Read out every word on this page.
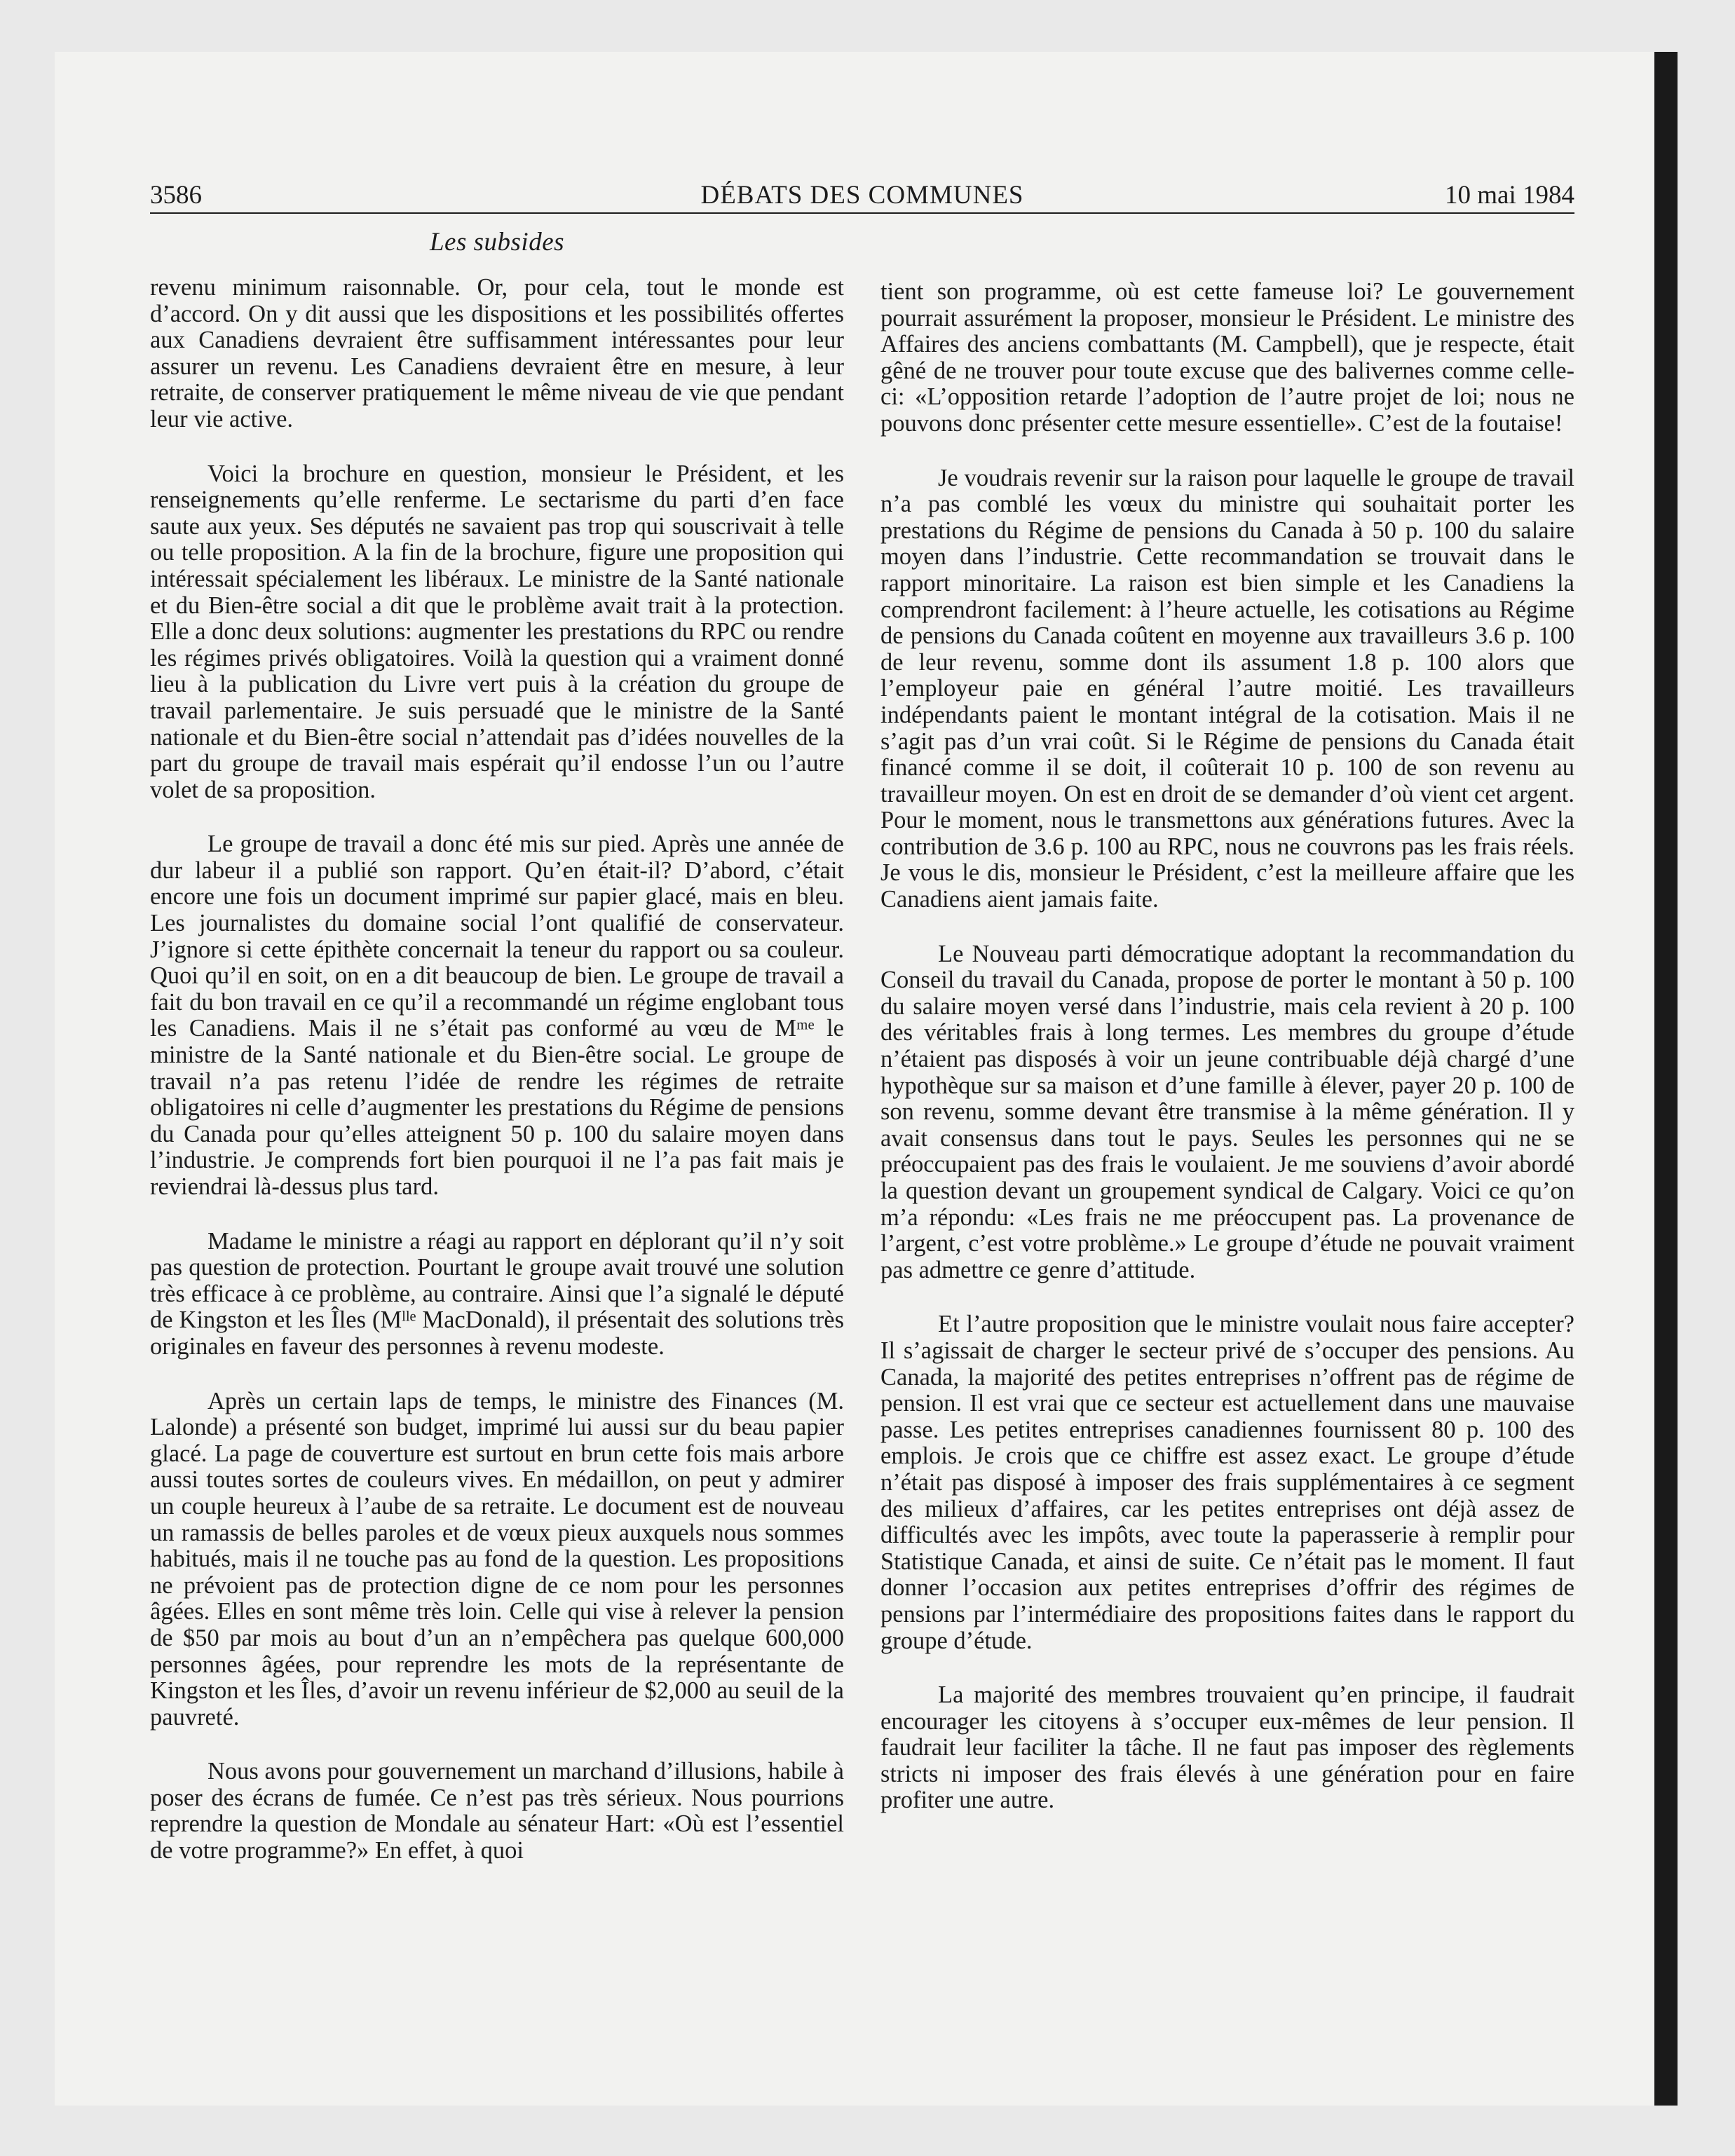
3586	DÉBATS DES COMMUNES	10 mai 1984
Les subsides

revenu minimum raisonnable. Or, pour cela, tout le monde est d’accord. On y dit aussi que les dispositions et les possibilités offertes aux Canadiens devraient être suffisamment intéressantes pour leur assurer un revenu. Les Canadiens devraient être en mesure, à leur retraite, de conserver pratiquement le même niveau de vie que pendant leur vie active.

Voici la brochure en question, monsieur le Président, et les renseignements qu’elle renferme. Le sectarisme du parti d’en face saute aux yeux. Ses députés ne savaient pas trop qui souscrivait à telle ou telle proposition. A la fin de la brochure, figure une proposition qui intéressait spécialement les libéraux. Le ministre de la Santé nationale et du Bien-être social a dit que le problème avait trait à la protection. Elle a donc deux solutions: augmenter les prestations du RPC ou rendre les régimes privés obligatoires. Voilà la question qui a vraiment donné lieu à la publication du Livre vert puis à la création du groupe de travail parlementaire. Je suis persuadé que le ministre de la Santé nationale et du Bien-être social n’attendait pas d’idées nouvelles de la part du groupe de travail mais espérait qu’il endosse l’un ou l’autre volet de sa proposition.

Le groupe de travail a donc été mis sur pied. Après une année de dur labeur il a publié son rapport. Qu’en était-il? D’abord, c’était encore une fois un document imprimé sur papier glacé, mais en bleu. Les journalistes du domaine social l’ont qualifié de conservateur. J’ignore si cette épithète concernait la teneur du rapport ou sa couleur. Quoi qu’il en soit, on en a dit beaucoup de bien. Le groupe de travail a fait du bon travail en ce qu’il a recommandé un régime englobant tous les Canadiens. Mais il ne s’était pas conformé au vœu de Mᵐᵉ le ministre de la Santé nationale et du Bien-être social. Le groupe de travail n’a pas retenu l’idée de rendre les régimes de retraite obligatoires ni celle d’augmenter les prestations du Régime de pensions du Canada pour qu’elles atteignent 50 p. 100 du salaire moyen dans l’industrie. Je comprends fort bien pourquoi il ne l’a pas fait mais je reviendrai là-dessus plus tard.

Madame le ministre a réagi au rapport en déplorant qu’il n’y soit pas question de protection. Pourtant le groupe avait trouvé une solution très efficace à ce problème, au contraire. Ainsi que l’a signalé le député de Kingston et les Îles (Mˡˡᵉ MacDonald), il présentait des solutions très originales en faveur des personnes à revenu modeste.

Après un certain laps de temps, le ministre des Finances (M. Lalonde) a présenté son budget, imprimé lui aussi sur du beau papier glacé. La page de couverture est surtout en brun cette fois mais arbore aussi toutes sortes de couleurs vives. En médaillon, on peut y admirer un couple heureux à l’aube de sa retraite. Le document est de nouveau un ramassis de belles paroles et de vœux pieux auxquels nous sommes habitués, mais il ne touche pas au fond de la question. Les propositions ne prévoient pas de protection digne de ce nom pour les personnes âgées. Elles en sont même très loin. Celle qui vise à relever la pension de $50 par mois au bout d’un an n’empêchera pas quelque 600,000 personnes âgées, pour reprendre les mots de la représentante de Kingston et les Îles, d’avoir un revenu inférieur de $2,000 au seuil de la pauvreté.

Nous avons pour gouvernement un marchand d’illusions, habile à poser des écrans de fumée. Ce n’est pas très sérieux. Nous pourrions reprendre la question de Mondale au sénateur Hart: «Où est l’essentiel de votre programme?» En effet, à quoi

tient son programme, où est cette fameuse loi? Le gouvernement pourrait assurément la proposer, monsieur le Président. Le ministre des Affaires des anciens combattants (M. Campbell), que je respecte, était gêné de ne trouver pour toute excuse que des balivernes comme celle-ci: «L’opposition retarde l’adoption de l’autre projet de loi; nous ne pouvons donc présenter cette mesure essentielle». C’est de la foutaise!

Je voudrais revenir sur la raison pour laquelle le groupe de travail n’a pas comblé les vœux du ministre qui souhaitait porter les prestations du Régime de pensions du Canada à 50 p. 100 du salaire moyen dans l’industrie. Cette recommandation se trouvait dans le rapport minoritaire. La raison est bien simple et les Canadiens la comprendront facilement: à l’heure actuelle, les cotisations au Régime de pensions du Canada coûtent en moyenne aux travailleurs 3.6 p. 100 de leur revenu, somme dont ils assument 1.8 p. 100 alors que l’employeur paie en général l’autre moitié. Les travailleurs indépendants paient le montant intégral de la cotisation. Mais il ne s’agit pas d’un vrai coût. Si le Régime de pensions du Canada était financé comme il se doit, il coûterait 10 p. 100 de son revenu au travailleur moyen. On est en droit de se demander d’où vient cet argent. Pour le moment, nous le transmettons aux générations futures. Avec la contribution de 3.6 p. 100 au RPC, nous ne couvrons pas les frais réels. Je vous le dis, monsieur le Président, c’est la meilleure affaire que les Canadiens aient jamais faite.

Le Nouveau parti démocratique adoptant la recommandation du Conseil du travail du Canada, propose de porter le montant à 50 p. 100 du salaire moyen versé dans l’industrie, mais cela revient à 20 p. 100 des véritables frais à long termes. Les membres du groupe d’étude n’étaient pas disposés à voir un jeune contribuable déjà chargé d’une hypothèque sur sa maison et d’une famille à élever, payer 20 p. 100 de son revenu, somme devant être transmise à la même génération. Il y avait consensus dans tout le pays. Seules les personnes qui ne se préoccupaient pas des frais le voulaient. Je me souviens d’avoir abordé la question devant un groupement syndical de Calgary. Voici ce qu’on m’a répondu: «Les frais ne me préoccupent pas. La provenance de l’argent, c’est votre problème.» Le groupe d’étude ne pouvait vraiment pas admettre ce genre d’attitude.

Et l’autre proposition que le ministre voulait nous faire accepter? Il s’agissait de charger le secteur privé de s’occuper des pensions. Au Canada, la majorité des petites entreprises n’offrent pas de régime de pension. Il est vrai que ce secteur est actuellement dans une mauvaise passe. Les petites entreprises canadiennes fournissent 80 p. 100 des emplois. Je crois que ce chiffre est assez exact. Le groupe d’étude n’était pas disposé à imposer des frais supplémentaires à ce segment des milieux d’affaires, car les petites entreprises ont déjà assez de difficultés avec les impôts, avec toute la paperasserie à remplir pour Statistique Canada, et ainsi de suite. Ce n’était pas le moment. Il faut donner l’occasion aux petites entreprises d’offrir des régimes de pensions par l’intermédiaire des propositions faites dans le rapport du groupe d’étude.

La majorité des membres trouvaient qu’en principe, il faudrait encourager les citoyens à s’occuper eux-mêmes de leur pension. Il faudrait leur faciliter la tâche. Il ne faut pas imposer des règlements stricts ni imposer des frais élevés à une génération pour en faire profiter une autre.
